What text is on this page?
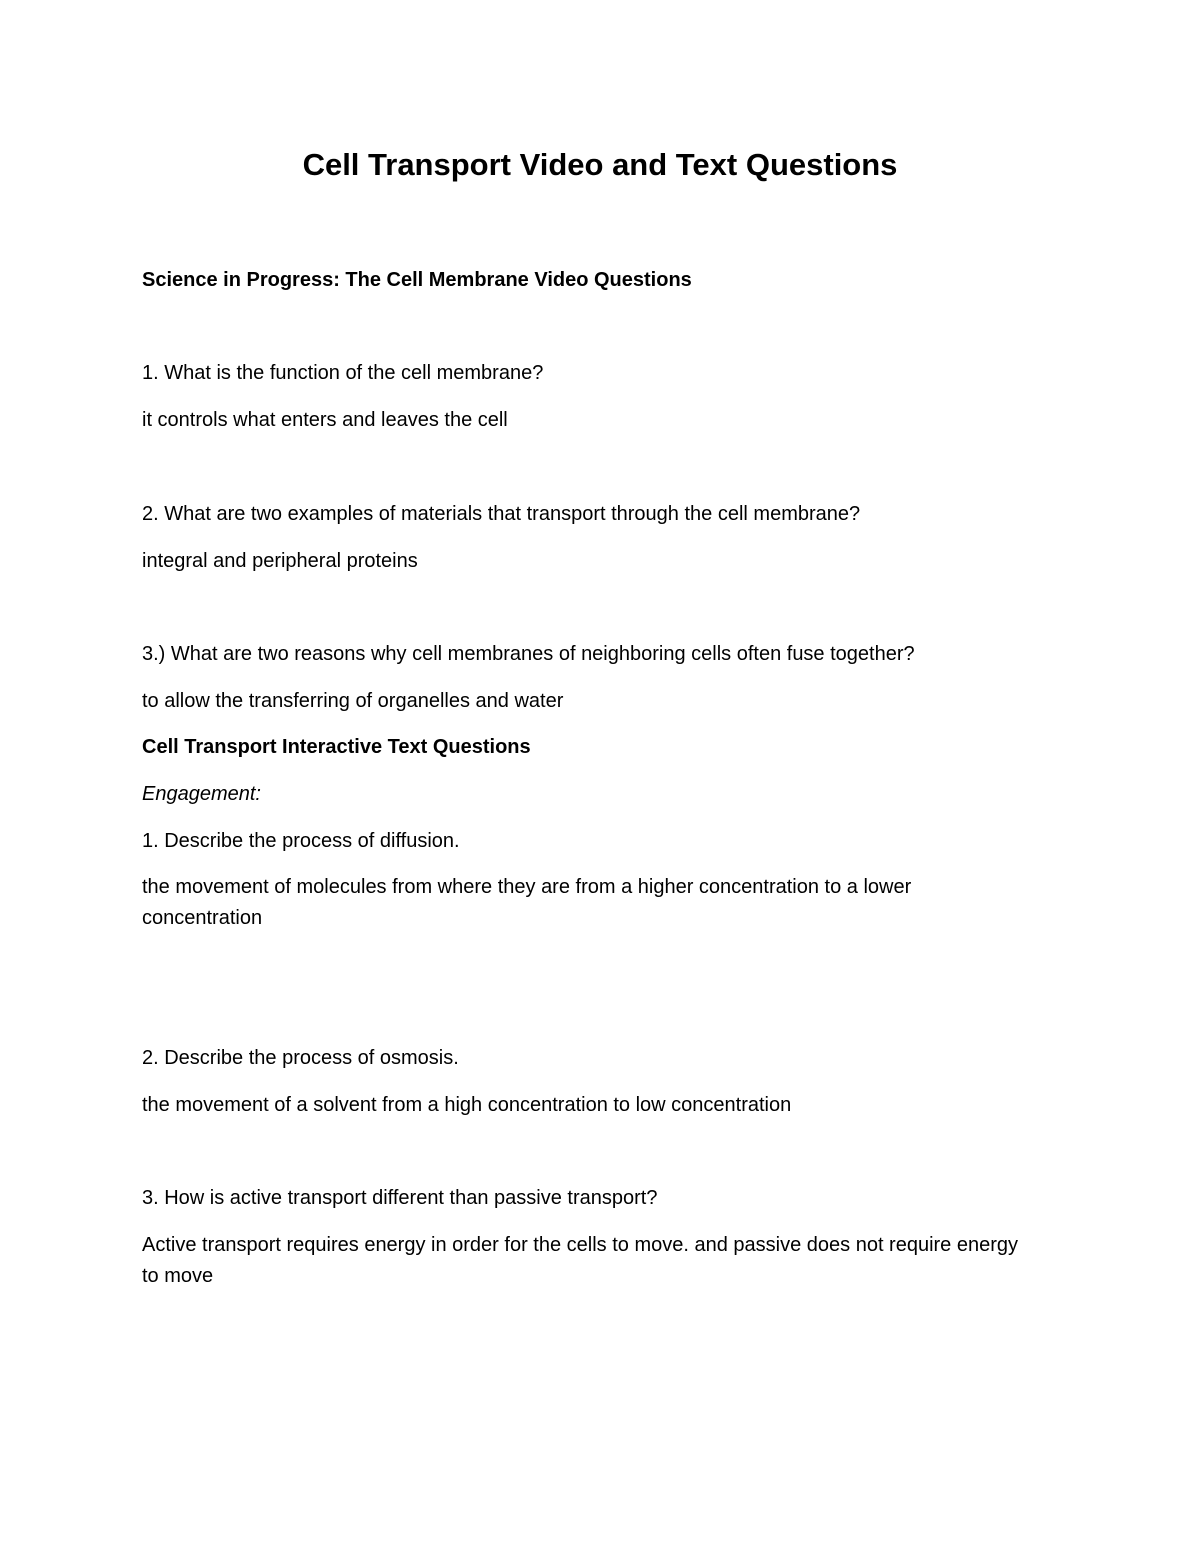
Cell Transport Video and Text Questions

Science in Progress: The Cell Membrane Video Questions

1. What is the function of the cell membrane?

it controls what enters and leaves the cell

2. What are two examples of materials that transport through the cell membrane?

integral and peripheral proteins

3.) What are two reasons why cell membranes of neighboring cells often fuse together?

to allow the transferring of organelles and water

Cell Transport Interactive Text Questions

Engagement:

1. Describe the process of diffusion.

the movement of molecules from where they are from a higher concentration to a lower concentration

2. Describe the process of osmosis.

the movement of a solvent from a high concentration to low concentration

3. How is active transport different than passive transport?

Active transport requires energy in order for the cells to move. and passive does not require energy to move
